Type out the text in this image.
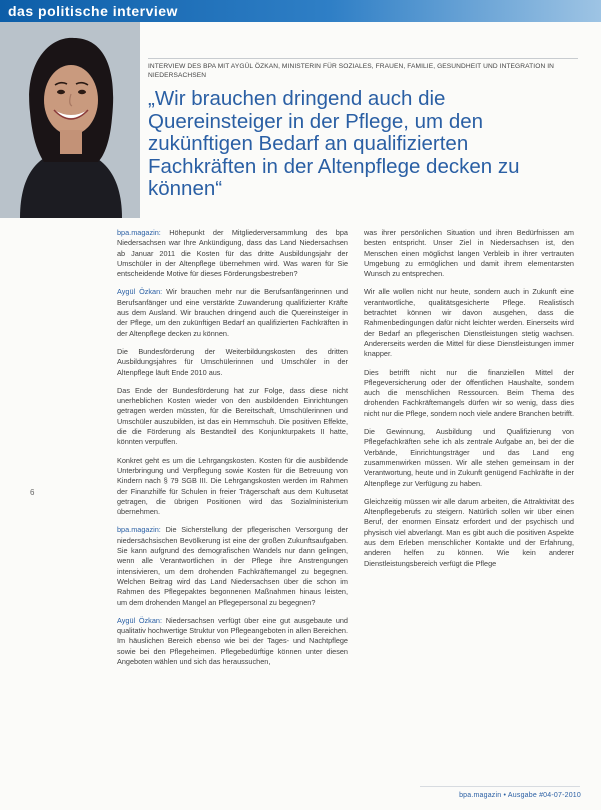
das politische interview
INTERVIEW DES BPA MIT AYGÜL ÖZKAN, MINISTERIN FÜR SOZIALES, FRAUEN, FAMILIE, GESUNDHEIT UND INTEGRATION IN NIEDERSACHSEN
„Wir brauchen dringend auch die Quereinsteiger in der Pflege, um den zukünftigen Bedarf an qualifizierten Fachkräften in der Altenpflege decken zu können“

bpa.magazin: Höhepunkt der Mitgliederversammlung des bpa Niedersachsen war Ihre Ankündigung, dass das Land Niedersachsen ab Januar 2011 die Kosten für das dritte Ausbildungsjahr der Umschüler in der Altenpflege übernehmen wird. Was waren für Sie entscheidende Motive für dieses Förderungsbestreben?

Aygül Özkan: Wir brauchen mehr nur die Berufsanfängerinnen und Berufsanfänger und eine verstärkte Zuwanderung qualifizierter Kräfte aus dem Ausland. Wir brauchen dringend auch die Quereinsteiger in der Pflege, um den zukünftigen Bedarf an qualifizierten Fachkräften in der Altenpflege decken zu können.

Die Bundesförderung der Weiterbildungskosten des dritten Ausbildungsjahres für Umschülerinnen und Umschüler in der Altenpflege läuft Ende 2010 aus.

Das Ende der Bundesförderung hat zur Folge, dass diese nicht unerheblichen Kosten wieder von den ausbildenden Einrichtungen getragen werden müssten, für die Bereitschaft, Umschülerinnen und Umschüler auszubilden, ist das ein Hemmschuh. Die positiven Effekte, die die Förderung als Bestandteil des Konjunkturpakets II hatte, könnten verpuffen.

Konkret geht es um die Lehrgangskosten. Kosten für die ausbildende Unterbringung und Verpflegung sowie Kosten für die Betreuung von Kindern nach § 79 SGB III. Die Lehrgangskosten werden im Rahmen der Finanzhilfe für Schulen in freier Trägerschaft aus dem Kultusetat getragen, die übrigen Positionen wird das Sozialministerium übernehmen.

bpa.magazin: Die Sicherstellung der pflegerischen Versorgung der niedersächsischen Bevölkerung ist eine der großen Zukunftsaufgaben. Sie kann aufgrund des demografischen Wandels nur dann gelingen, wenn alle Verantwortlichen in der Pflege ihre Anstrengungen intensivieren, um dem drohenden Fachkräftemangel zu begegnen. Welchen Beitrag wird das Land Niedersachsen über die schon im Rahmen des Pflegepaktes begonnenen Maßnahmen hinaus leisten, um dem drohenden Mangel an Pflegepersonal zu begegnen?

Aygül Özkan: Niedersachsen verfügt über eine gut ausgebaute und qualitativ hochwertige Struktur von Pflegeangeboten in allen Bereichen. Im häuslichen Bereich ebenso wie bei der Tages- und Nachtpflege sowie bei den Pflegeheimen. Pflegebedürftige können unter diesen Angeboten wählen und sich das heraussuchen,

was ihrer persönlichen Situation und ihren Bedürfnissen am besten entspricht. Unser Ziel in Niedersachsen ist, den Menschen einen möglichst langen Verbleib in ihrer vertrauten Umgebung zu ermöglichen und damit ihrem elementarsten Wunsch zu entsprechen.

Wir alle wollen nicht nur heute, sondern auch in Zukunft eine verantwortliche, qualitätsgesicherte Pflege. Realistisch betrachtet können wir davon ausgehen, dass die Rahmenbedingungen dafür nicht leichter werden. Einerseits wird der Bedarf an pflegerischen Dienstleistungen stetig wachsen. Andererseits werden die Mittel für diese Dienstleistungen immer knapper.

Dies betrifft nicht nur die finanziellen Mittel der Pflegeversicherung oder der öffentlichen Haushalte, sondern auch die menschlichen Ressourcen. Beim Thema des drohenden Fachkräftemangels dürfen wir so wenig, dass dies nicht nur die Pflege, sondern noch viele andere Branchen betrifft.

Die Gewinnung, Ausbildung und Qualifizierung von Pflegefachkräften sehe ich als zentrale Aufgabe an, bei der die Verbände, Einrichtungsträger und das Land eng zusammenwirken müssen. Wir alle stehen gemeinsam in der Verantwortung, heute und in Zukunft genügend Fachkräfte in der Altenpflege zur Verfügung zu haben.

Gleichzeitig müssen wir alle darum arbeiten, die Attraktivität des Altenpflegeberufs zu steigern. Natürlich sollen wir über einen Beruf, der enormen Einsatz erfordert und der psychisch und physisch viel abverlangt. Man es gibt auch die positiven Aspekte aus dem Erleben menschlicher Kontakte und der Erfahrung, anderen helfen zu können. Wie kein anderer Dienstleistungsbereich verfügt die Pflege

6
bpa.magazin • Ausgabe #04-07-2010
